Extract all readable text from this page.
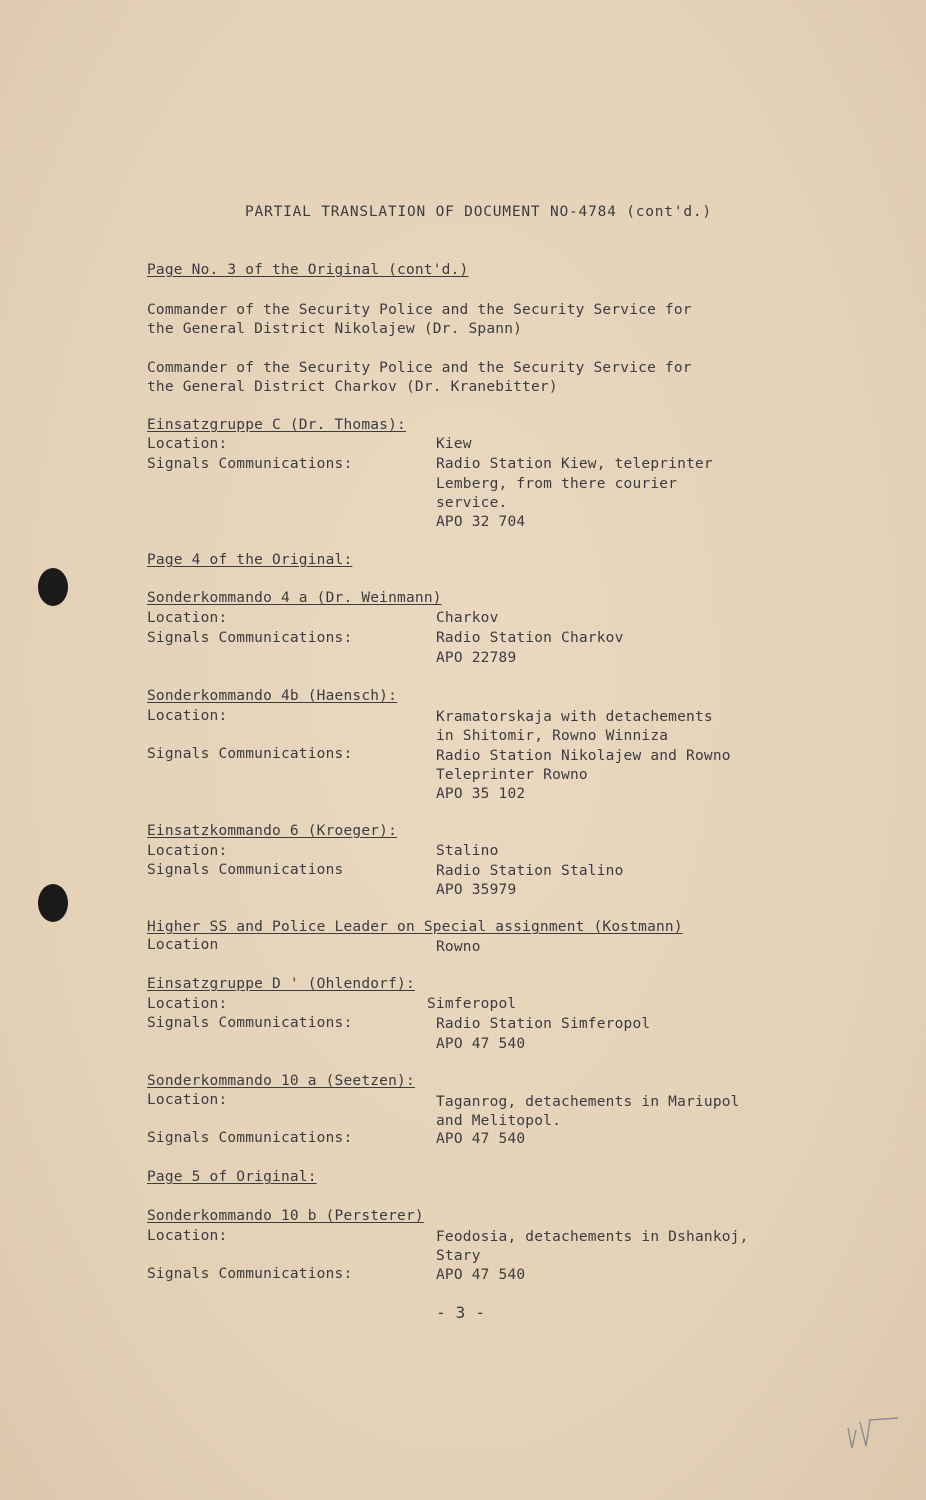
PARTIAL TRANSLATION OF DOCUMENT NO-4784 (cont'd.)
Page No. 3 of the Original (cont'd.)
Commander of the Security Police and the Security Service for
the General District Nikolajew (Dr. Spann)
Commander of the Security Police and the Security Service for
the General District Charkov (Dr. Kranebitter)
Einsatzgruppe C (Dr. Thomas):
Location:	Kiew
Signals Communications:	Radio Station Kiew, teleprinter
Lemberg, from there courier
service.
APO 32 704
Page 4 of the Original:
Sonderkommando 4 a (Dr. Weinmann)
Location:	Charkov
Signals Communications:	Radio Station Charkov
APO 22789
Sonderkommando 4b (Haensch):
Location:	Kramatorskaja with detachements
in Shitomir, Rowno Winniza
Signals Communications:	Radio Station Nikolajew and Rowno
Teleprinter Rowno
APO 35 102
Einsatzkommando 6 (Kroeger):
Location:	Stalino
Signals Communications	Radio Station Stalino
APO 35979
Higher SS and Police Leader on Special assignment (Kostmann)
Location	Rowno
Einsatzgruppe D ' (Ohlendorf):
Location:	Simferopol
Signals Communications:	Radio Station Simferopol
APO 47 540
Sonderkommando 10 a (Seetzen):
Location:	Taganrog, detachements in Mariupol
and Melitopol.
Signals Communications:	APO 47 540
Page 5 of Original:
Sonderkommando 10 b (Persterer)
Location:	Feodosia, detachements in Dshankoj,
Stary
Signals Communications:	APO 47 540
- 3 -
